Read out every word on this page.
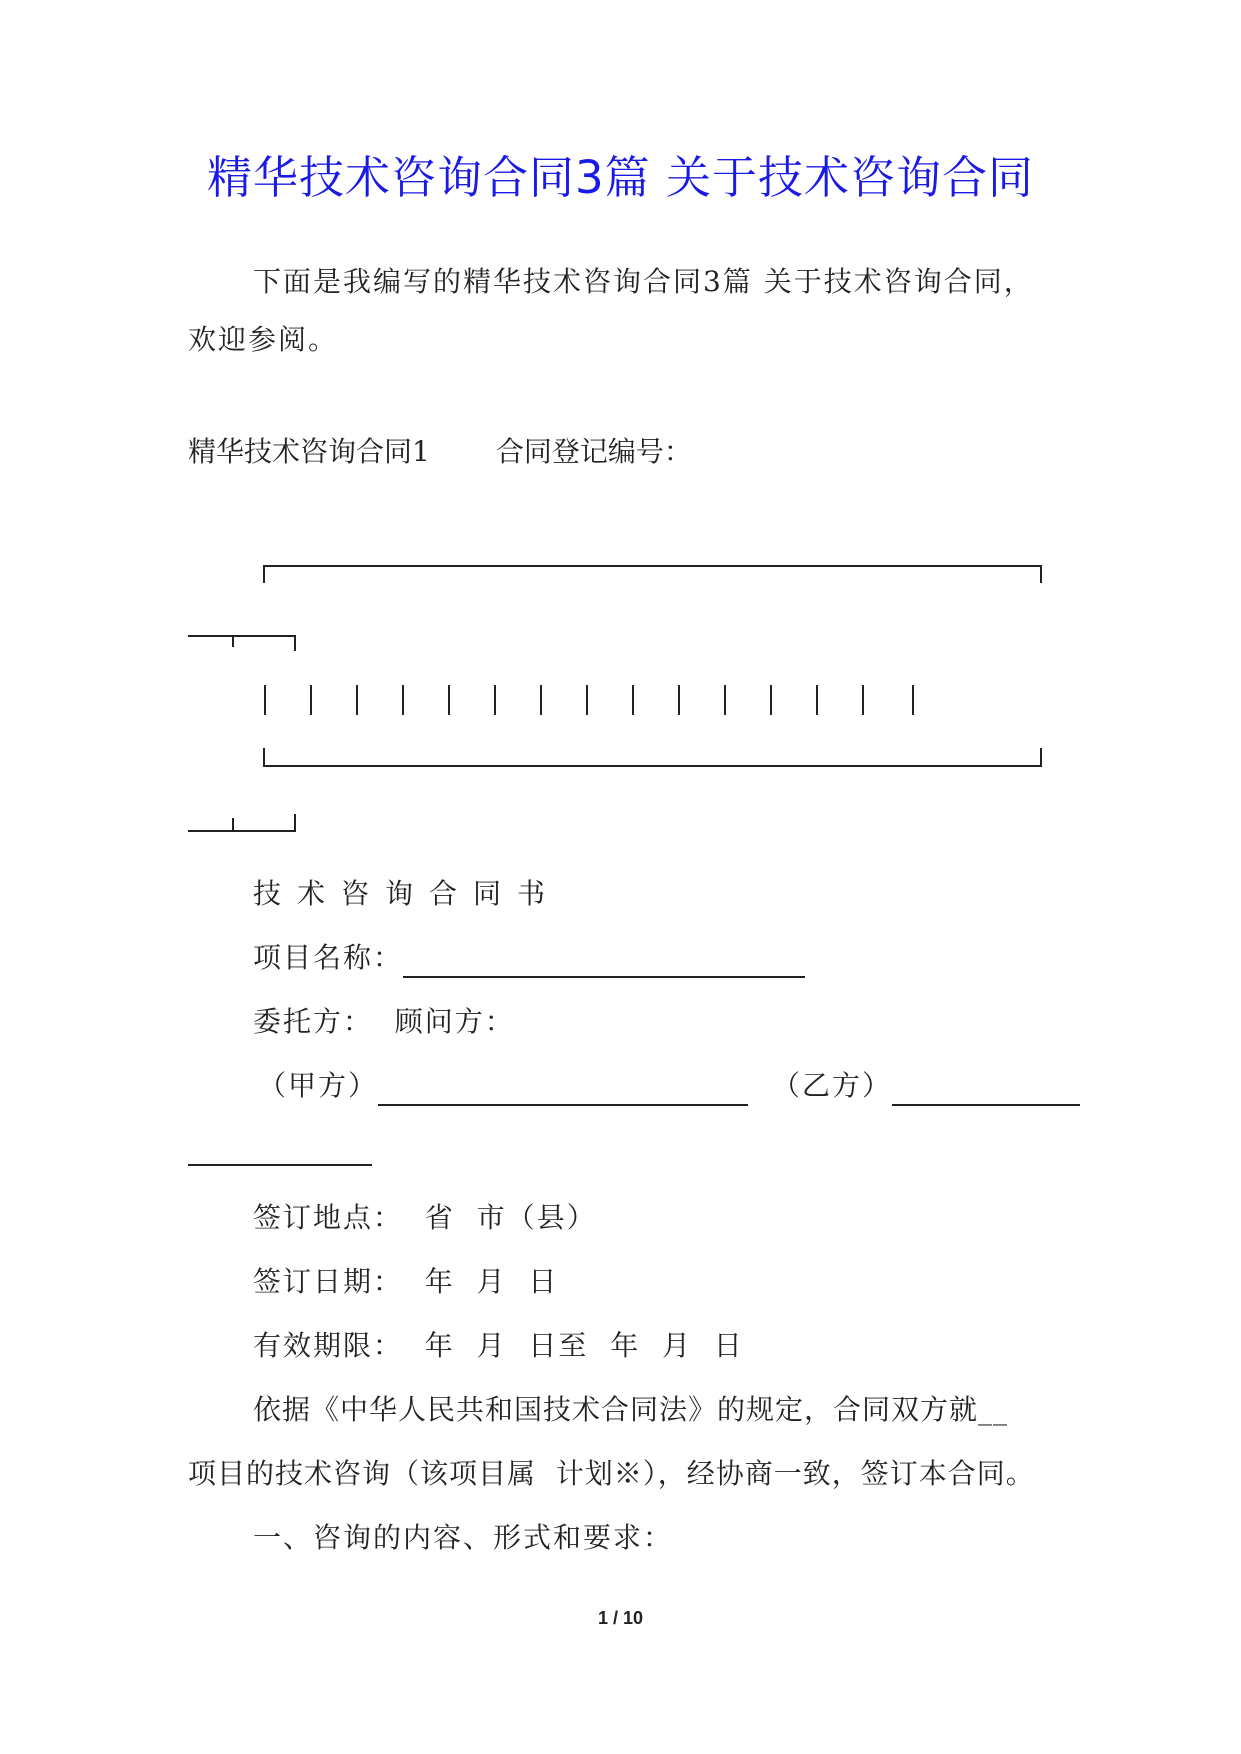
精华技术咨询合同3篇 关于技术咨询合同

下面是我编写的精华技术咨询合同3篇 关于技术咨询合同，

欢迎参阅。

精华技术咨询合同1 合同登记编号：

技术咨询合同书

项目名称：

委托方：  顾问方：

（甲方）	（乙方）

签订地点：  省  市（县）

签订日期：  年  月  日

有效期限：  年  月  日至  年  月  日

依据《中华人民共和国技术合同法》的规定，合同双方就__

项目的技术咨询（该项目属  计划※），经协商一致，签订本合同。

一、咨询的内容、形式和要求：

1 / 10
